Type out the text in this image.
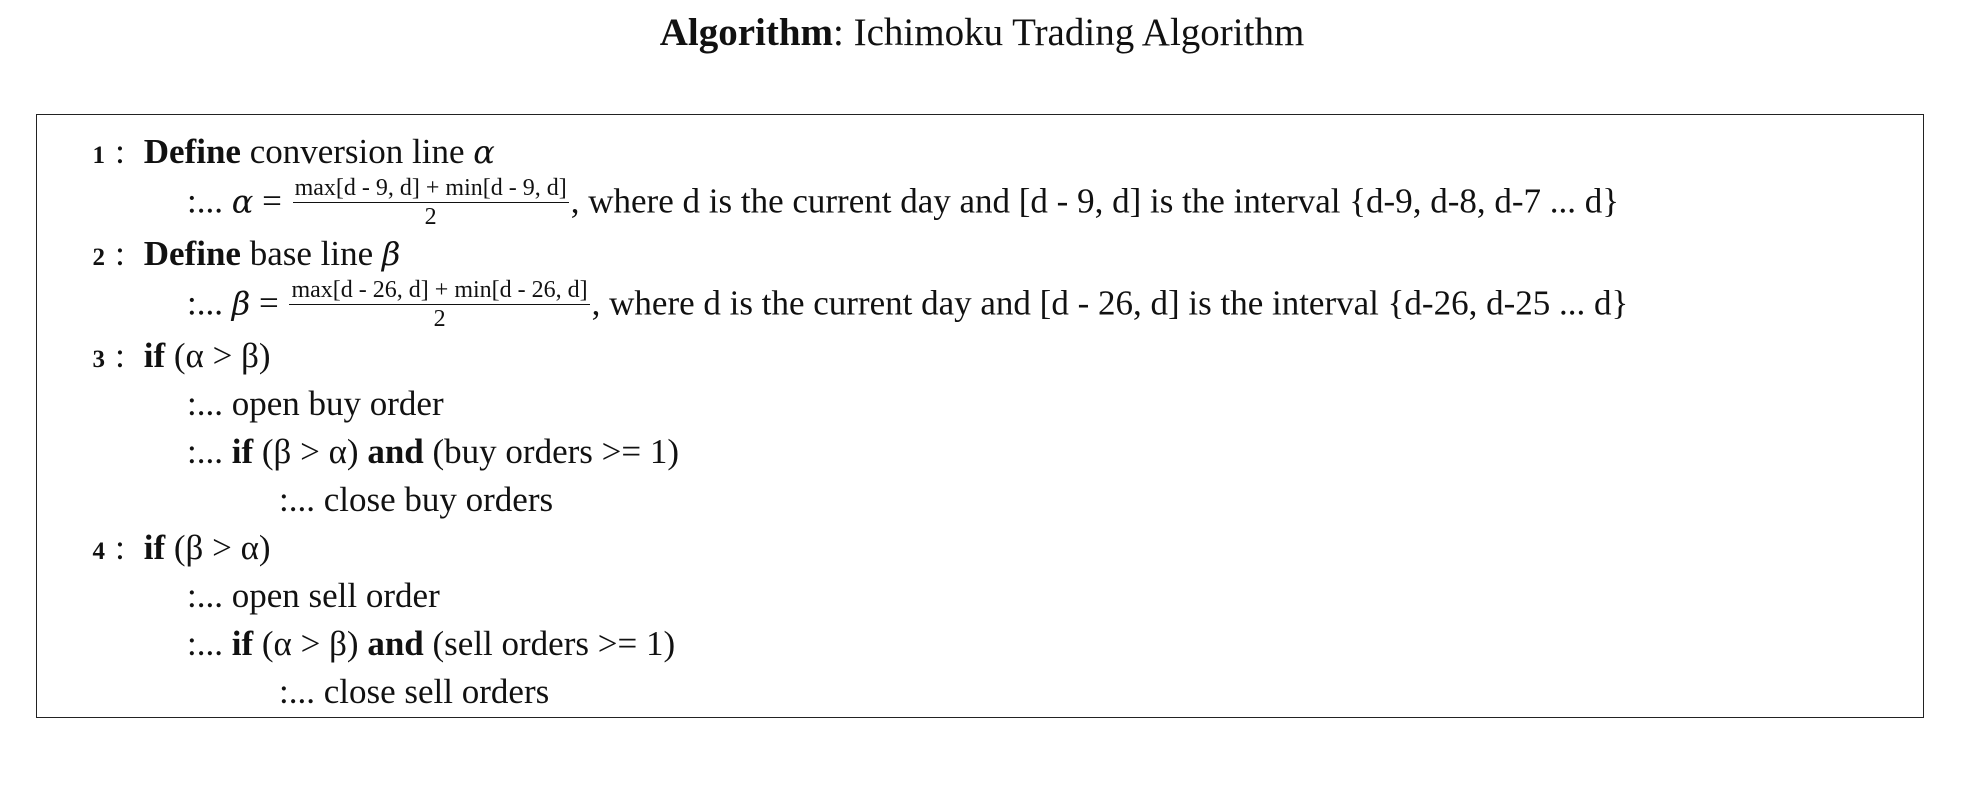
Algorithm: Ichimoku Trading Algorithm
1 : Define conversion line α
:... $\alpha = \frac{\max[d - 9, d] + \min[d - 9, d]}{2}$ , where d is the current day and [d - 9, d] is the interval {d-9, d-8, d-7 ... d}
2 : Define base line β
:... $\beta = \frac{\max[d - 26, d] + \min[d - 26, d]}{2}$ , where d is the current day and [d - 26, d] is the interval {d-26, d-25 ... d}
3 : if (α > β)
:... open buy order
:... if (β > α) and (buy orders >= 1)
:... close buy orders
4 : if (β > α)
:... open sell order
:... if (α > β) and (sell orders >= 1)
:... close sell orders
